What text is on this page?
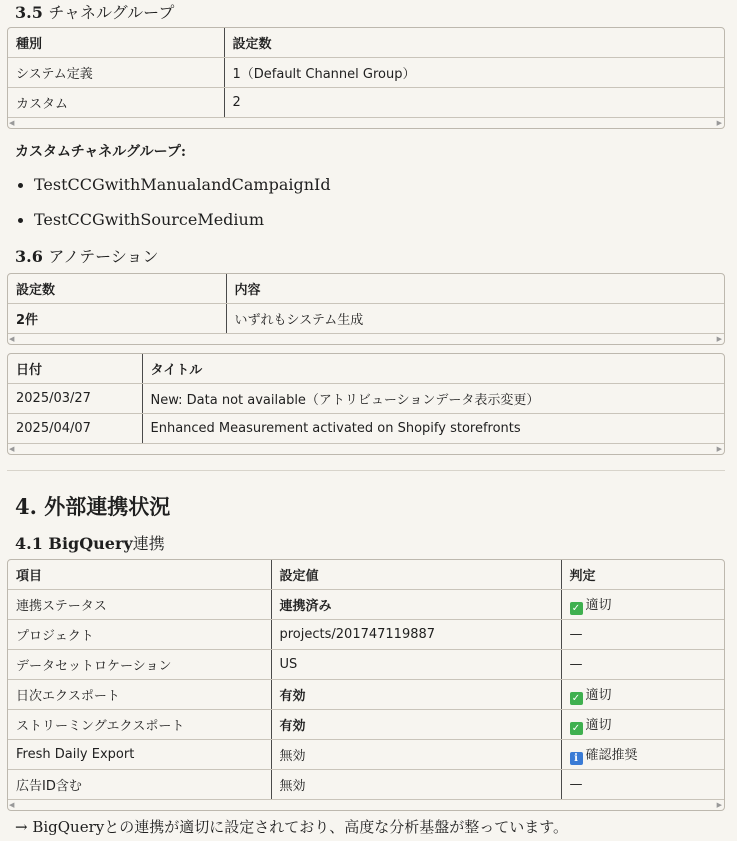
3.5 チャネルグループ
種別	設定数
システム定義	1（Default Channel Group）
カスタム	2
◀	▶
カスタムチャネルグループ:
TestCCGwithManualandCampaignId
TestCCGwithSourceMedium
3.6 アノテーション
設定数	内容
2件	いずれもシステム生成
◀	▶
日付	タイトル
2025/03/27	New: Data not available（アトリビューションデータ表示変更）
2025/04/07	Enhanced Measurement activated on Shopify storefronts
◀	▶
4. 外部連携状況
4.1 BigQuery連携
項目	設定値	判定
連携ステータス	連携済み	✓ 適切
プロジェクト	projects/201747119887	—
データセットロケーション	US	—
日次エクスポート	有効	✓ 適切
ストリーミングエクスポート	有効	✓ 適切
Fresh Daily Export	無効	i 確認推奨
広告ID含む	無効	—
◀	▶
→ BigQueryとの連携が適切に設定されており、高度な分析基盤が整っています。
